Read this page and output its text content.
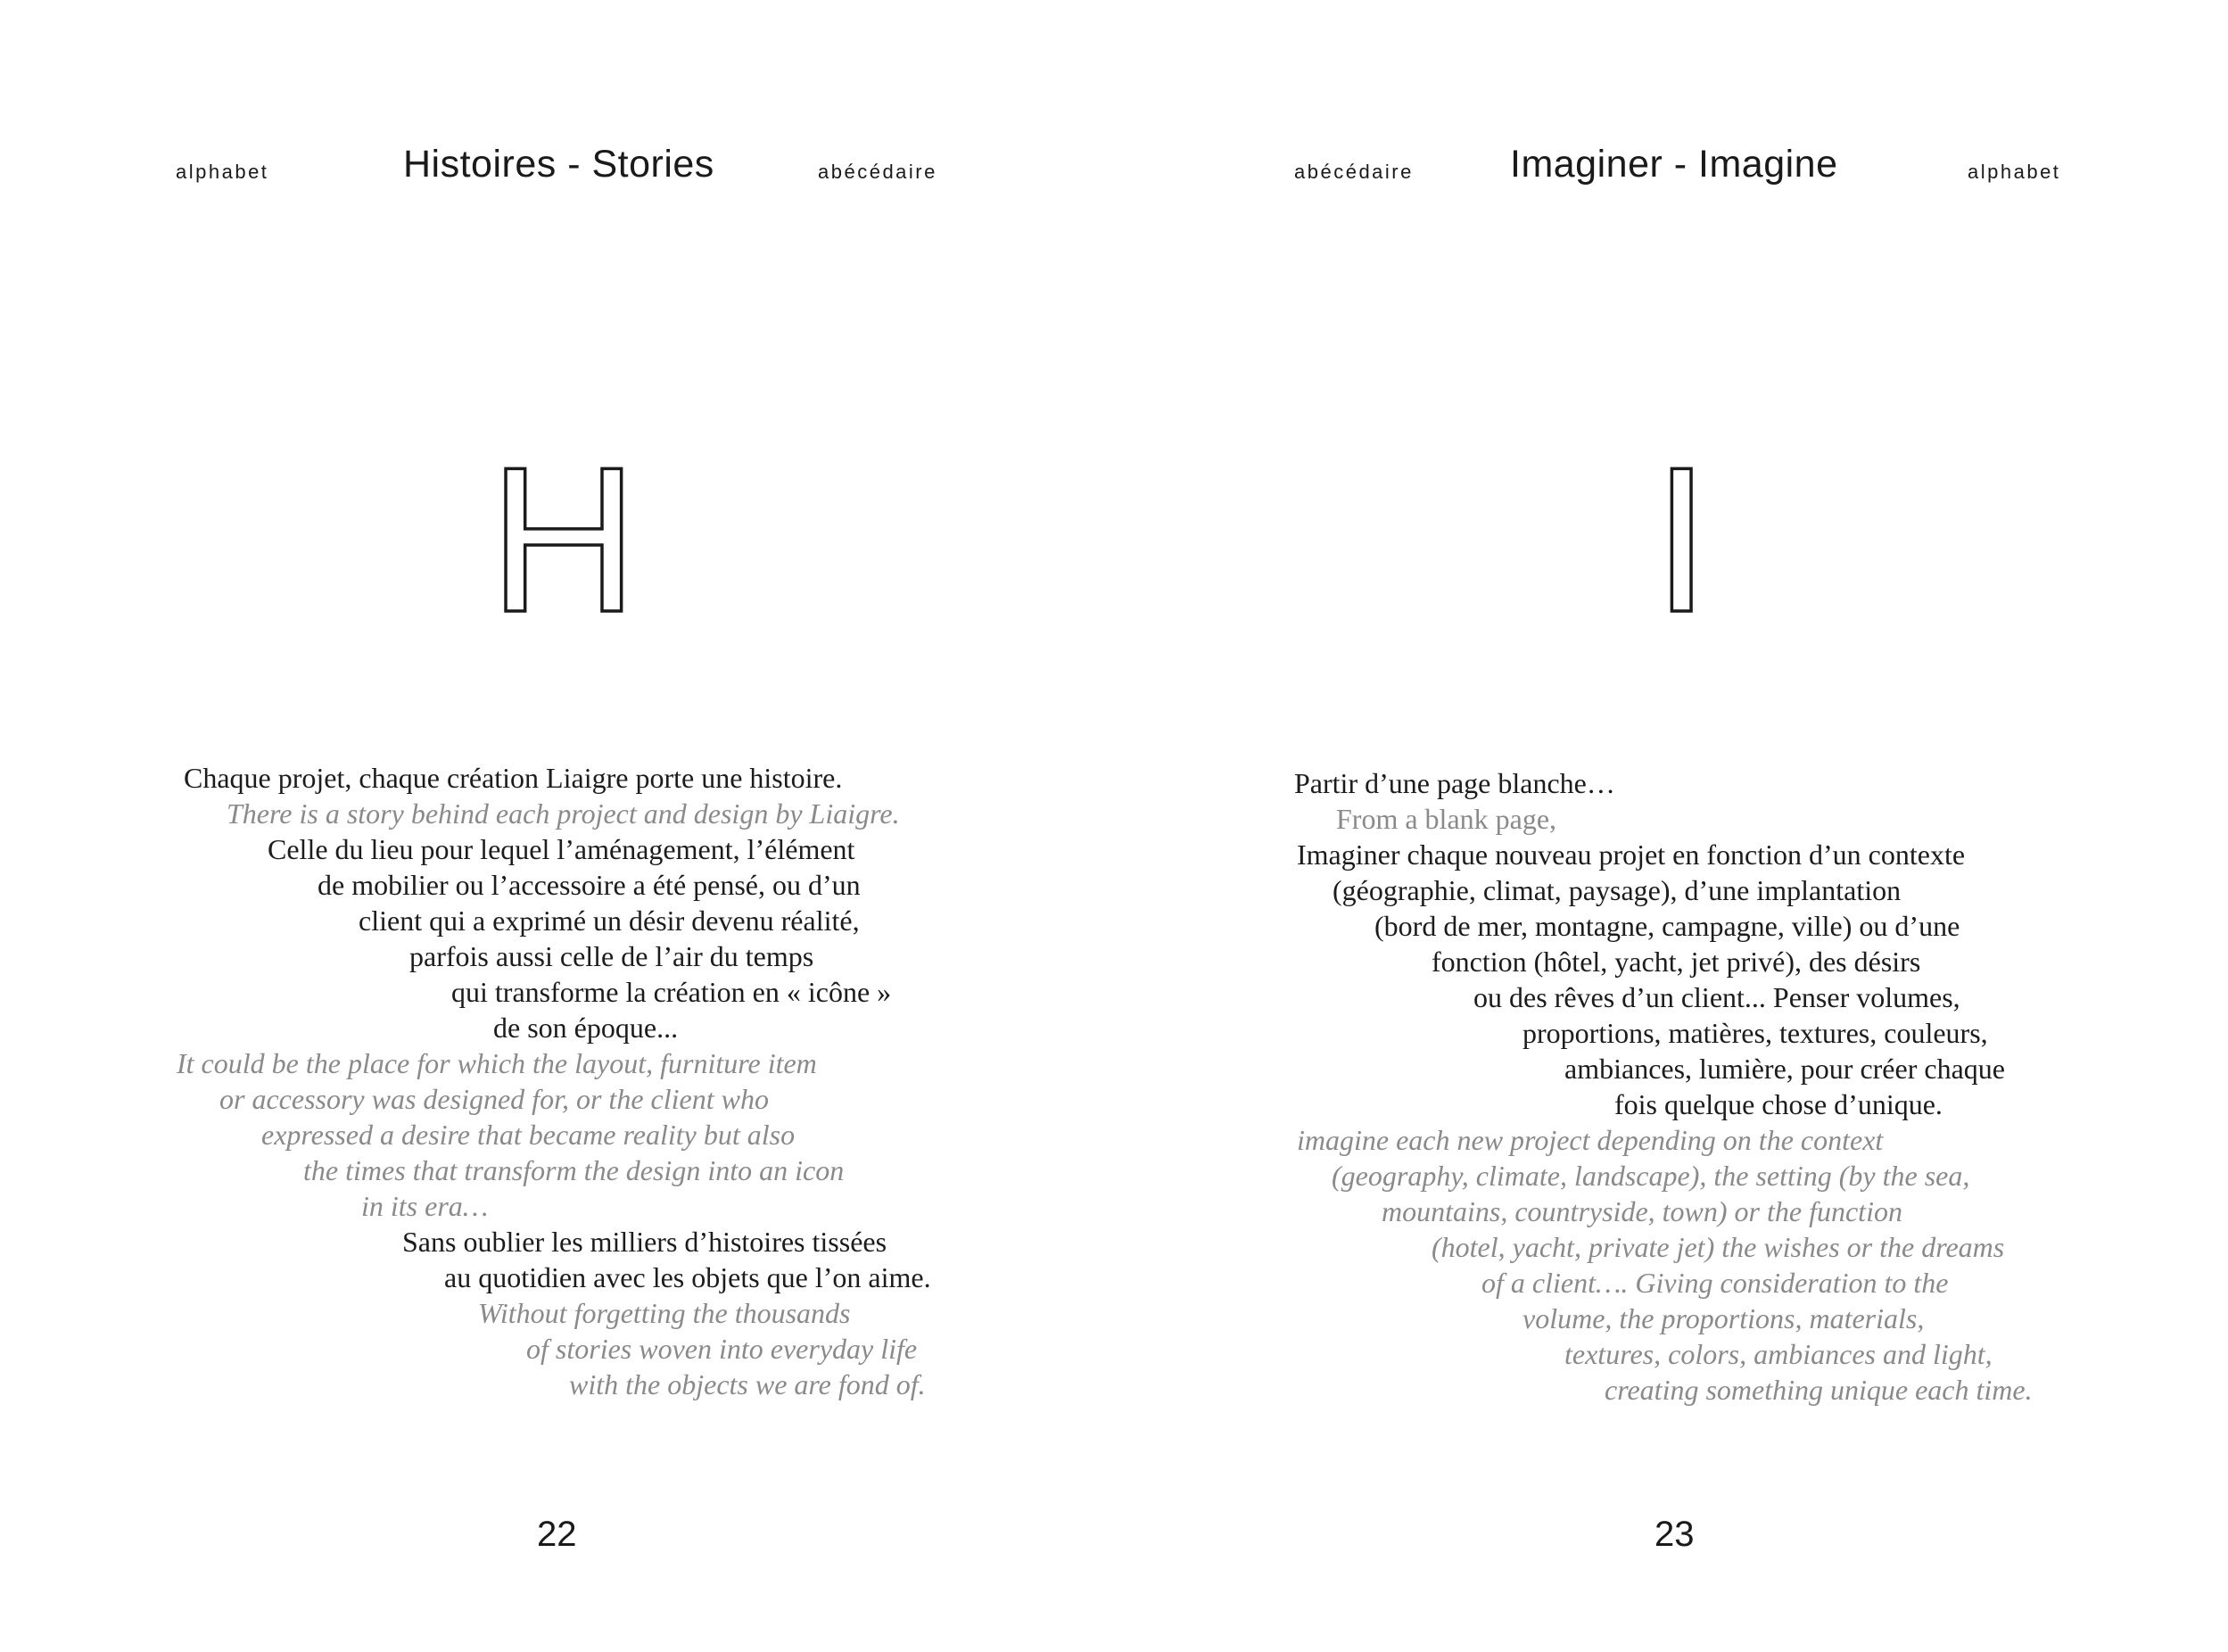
alphabet	Histoires - Stories	abécédaire
H
Chaque projet, chaque création Liaigre porte une histoire.
There is a story behind each project and design by Liaigre.
Celle du lieu pour lequel l’aménagement, l’élément
de mobilier ou l’accessoire a été pensé, ou d’un
client qui a exprimé un désir devenu réalité,
parfois aussi celle de l’air du temps
qui transforme la création en « icône »
de son époque...
It could be the place for which the layout, furniture item
or accessory was designed for, or the client who
expressed a desire that became reality but also
the times that transform the design into an icon
in its era…
Sans oublier les milliers d’histoires tissées
au quotidien avec les objets que l’on aime.
Without forgetting the thousands
of stories woven into everyday life
with the objects we are fond of.
22
abécédaire	Imaginer - Imagine	alphabet
I
Partir d’une page blanche…
From a blank page,
Imaginer chaque nouveau projet en fonction d’un contexte
(géographie, climat, paysage), d’une implantation
(bord de mer, montagne, campagne, ville) ou d’une
fonction (hôtel, yacht, jet privé), des désirs
ou des rêves d’un client... Penser volumes,
proportions, matières, textures, couleurs,
ambiances, lumière, pour créer chaque
fois quelque chose d’unique.
imagine each new project depending on the context
(geography, climate, landscape), the setting (by the sea,
mountains, countryside, town) or the function
(hotel, yacht, private jet) the wishes or the dreams
of a client…. Giving consideration to the
volume, the proportions, materials,
textures, colors, ambiances and light,
creating something unique each time.
23
